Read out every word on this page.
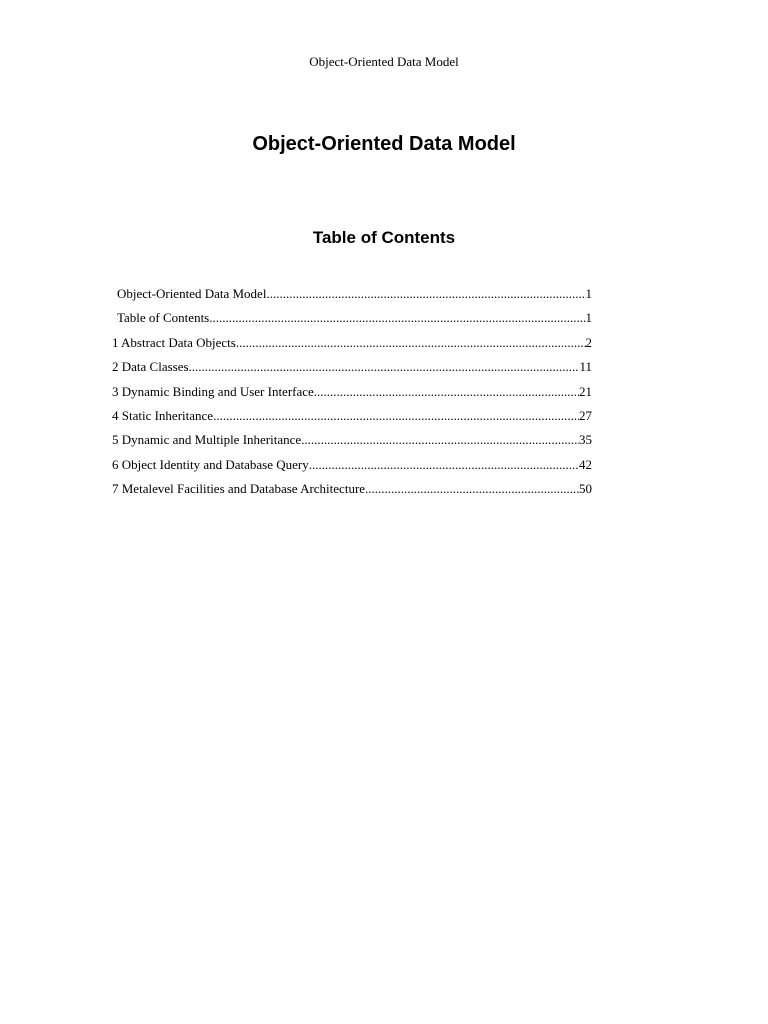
Object-Oriented Data Model
Object-Oriented Data Model
Table of Contents
Object-Oriented Data Model .....	1
Table of Contents .....	1
1 Abstract Data Objects .....	2
2 Data Classes .....	11
3 Dynamic Binding and User Interface .....	21
4 Static Inheritance .....	27
5 Dynamic and Multiple Inheritance .....	35
6 Object Identity and Database Query .....	42
7 Metalevel Facilities and Database Architecture .....	50
